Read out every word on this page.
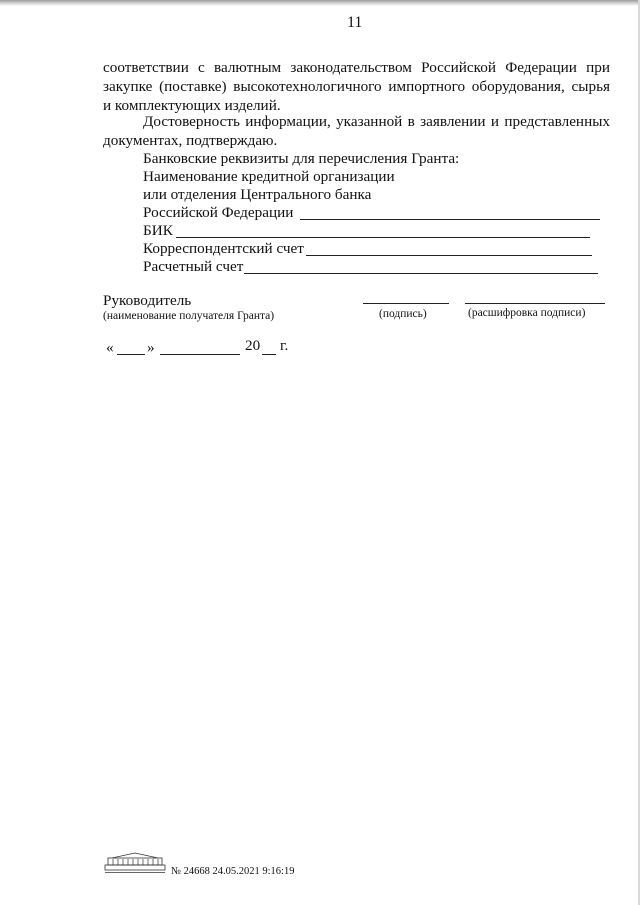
11
соответствии с валютным законодательством Российской Федерации при
закупке (поставке) высокотехнологичного импортного оборудования, сырья
и комплектующих изделий.
Достоверность информации, указанной в заявлении и представленных
документах, подтверждаю.
Банковские реквизиты для перечисления Гранта:
Наименование кредитной организации
или отделения Центрального банка
Российской Федерации
БИК
Корреспондентский счет
Расчетный счет
Руководитель
(наименование получателя Гранта)	(подпись)	(расшифровка подписи)
« »	20 г.
№ 24668 24.05.2021 9:16:19
